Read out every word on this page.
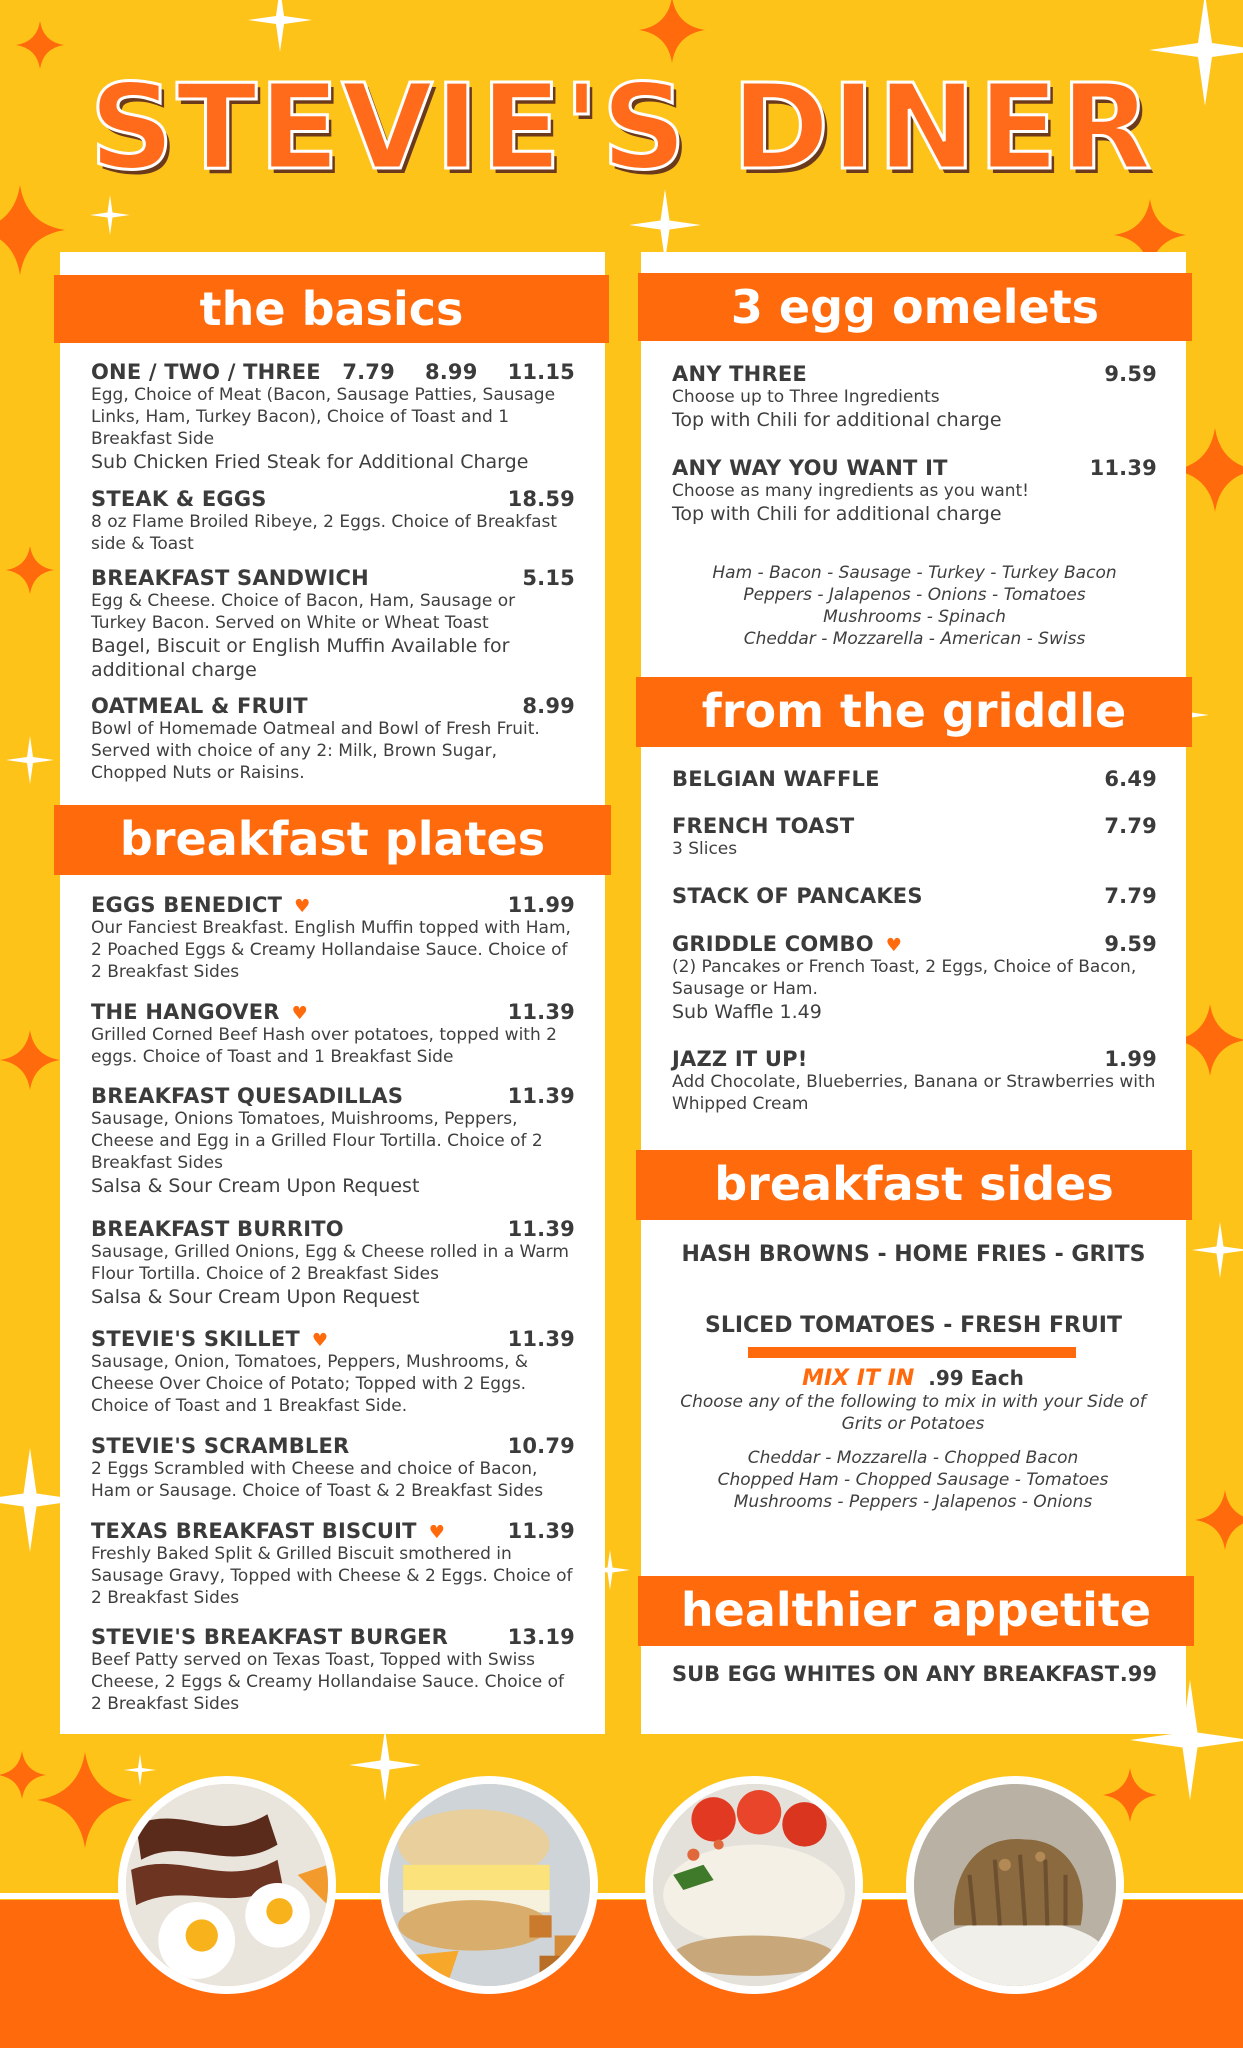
STEVIE'S DINER
the basics
ONE / TWO / THREE 7.79 8.99 11.15
Egg, Choice of Meat (Bacon, Sausage Patties, Sausage Links, Ham, Turkey Bacon), Choice of Toast and 1 Breakfast Side
Sub Chicken Fried Steak for Additional Charge
STEAK & EGGS	18.59
8 oz Flame Broiled Ribeye, 2 Eggs. Choice of Breakfast side & Toast
BREAKFAST SANDWICH	5.15
Egg & Cheese. Choice of Bacon, Ham, Sausage or Turkey Bacon. Served on White or Wheat Toast
Bagel, Biscuit or English Muffin Available for additional charge
OATMEAL & FRUIT	8.99
Bowl of Homemade Oatmeal and Bowl of Fresh Fruit. Served with choice of any 2: Milk, Brown Sugar, Chopped Nuts or Raisins.
breakfast plates
EGGS BENEDICT ♥	11.99
Our Fanciest Breakfast. English Muffin topped with Ham, 2 Poached Eggs & Creamy Hollandaise Sauce. Choice of 2 Breakfast Sides
THE HANGOVER ♥	11.39
Grilled Corned Beef Hash over potatoes, topped with 2 eggs. Choice of Toast and 1 Breakfast Side
BREAKFAST QUESADILLAS	11.39
Sausage, Onions Tomatoes, Muishrooms, Peppers, Cheese and Egg in a Grilled Flour Tortilla. Choice of 2 Breakfast Sides
Salsa & Sour Cream Upon Request
BREAKFAST BURRITO	11.39
Sausage, Grilled Onions, Egg & Cheese rolled in a Warm Flour Tortilla. Choice of 2 Breakfast Sides
Salsa & Sour Cream Upon Request
STEVIE'S SKILLET ♥	11.39
Sausage, Onion, Tomatoes, Peppers, Mushrooms, & Cheese Over Choice of Potato; Topped with 2 Eggs. Choice of Toast and 1 Breakfast Side.
STEVIE'S SCRAMBLER	10.79
2 Eggs Scrambled with Cheese and choice of Bacon, Ham or Sausage. Choice of Toast & 2 Breakfast Sides
TEXAS BREAKFAST BISCUIT ♥	11.39
Freshly Baked Split & Grilled Biscuit smothered in Sausage Gravy, Topped with Cheese & 2 Eggs. Choice of 2 Breakfast Sides
STEVIE'S BREAKFAST BURGER	13.19
Beef Patty served on Texas Toast, Topped with Swiss Cheese, 2 Eggs & Creamy Hollandaise Sauce. Choice of 2 Breakfast Sides
3 egg omelets
ANY THREE	9.59
Choose up to Three Ingredients
Top with Chili for additional charge
ANY WAY YOU WANT IT	11.39
Choose as many ingredients as you want!
Top with Chili for additional charge
Ham - Bacon - Sausage - Turkey - Turkey Bacon
Peppers - Jalapenos - Onions - Tomatoes
Mushrooms - Spinach
Cheddar - Mozzarella - American - Swiss
from the griddle
BELGIAN WAFFLE	6.49
FRENCH TOAST	7.79
3 Slices
STACK OF PANCAKES	7.79
GRIDDLE COMBO ♥	9.59
(2) Pancakes or French Toast, 2 Eggs, Choice of Bacon, Sausage or Ham.
Sub Waffle 1.49
JAZZ IT UP!	1.99
Add Chocolate, Blueberries, Banana or Strawberries with Whipped Cream
breakfast sides
HASH BROWNS - HOME FRIES - GRITS
SLICED TOMATOES - FRESH FRUIT
MIX IT IN .99 Each
Choose any of the following to mix in with your Side of Grits or Potatoes
Cheddar - Mozzarella - Chopped Bacon
Chopped Ham - Chopped Sausage - Tomatoes
Mushrooms - Peppers - Jalapenos - Onions
healthier appetite
SUB EGG WHITES ON ANY BREAKFAST .99
